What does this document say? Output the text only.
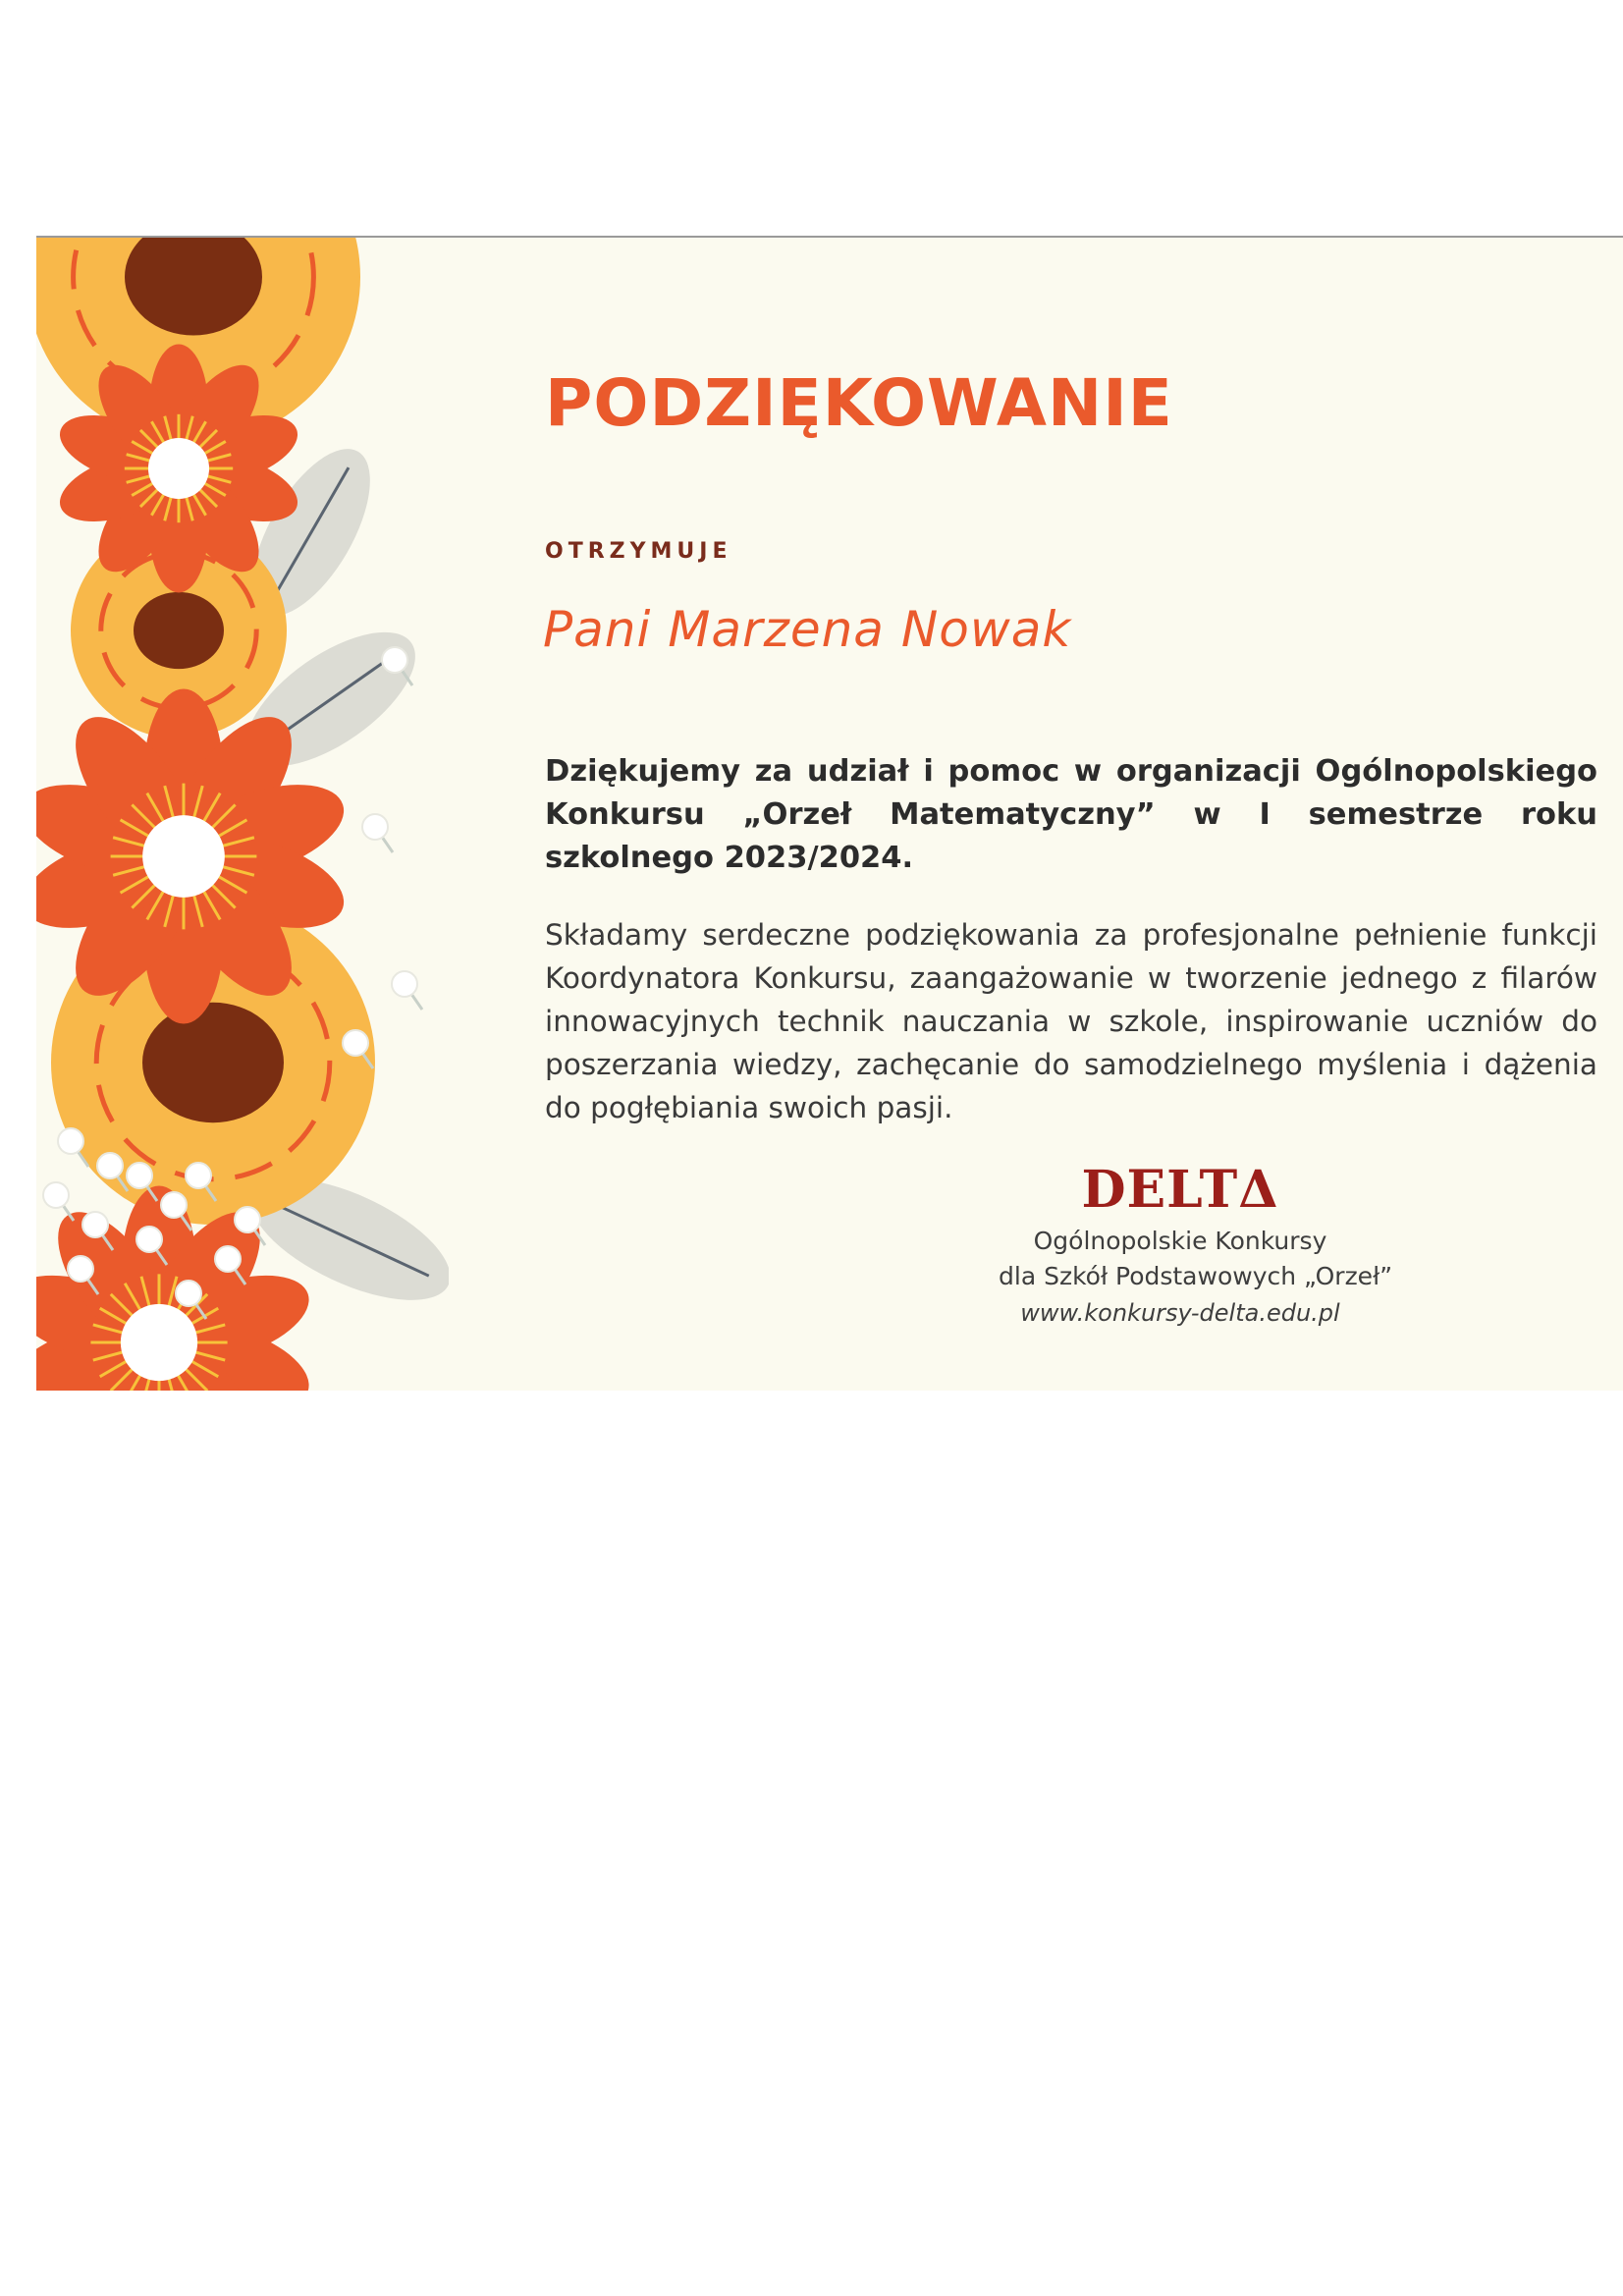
PODZIĘKOWANIE
OTRZYMUJE
Pani Marzena Nowak

Dziękujemy za udział i pomoc w organizacji Ogólnopolskiego Konkursu „Orzeł Matematyczny” w I semestrze roku szkolnego 2023/2024.

Składamy serdeczne podziękowania za profesjonalne pełnienie funkcji Koordynatora Konkursu, zaangażowanie w tworzenie jednego z filarów innowacyjnych technik nauczania w szkole, inspirowanie uczniów do poszerzania wiedzy, zachęcanie do samodzielnego myślenia i dążenia do pogłębiania swoich pasji.

DELTΔ
Ogólnopolskie Konkursy
dla Szkół Podstawowych „Orzeł”
www.konkursy-delta.edu.pl
